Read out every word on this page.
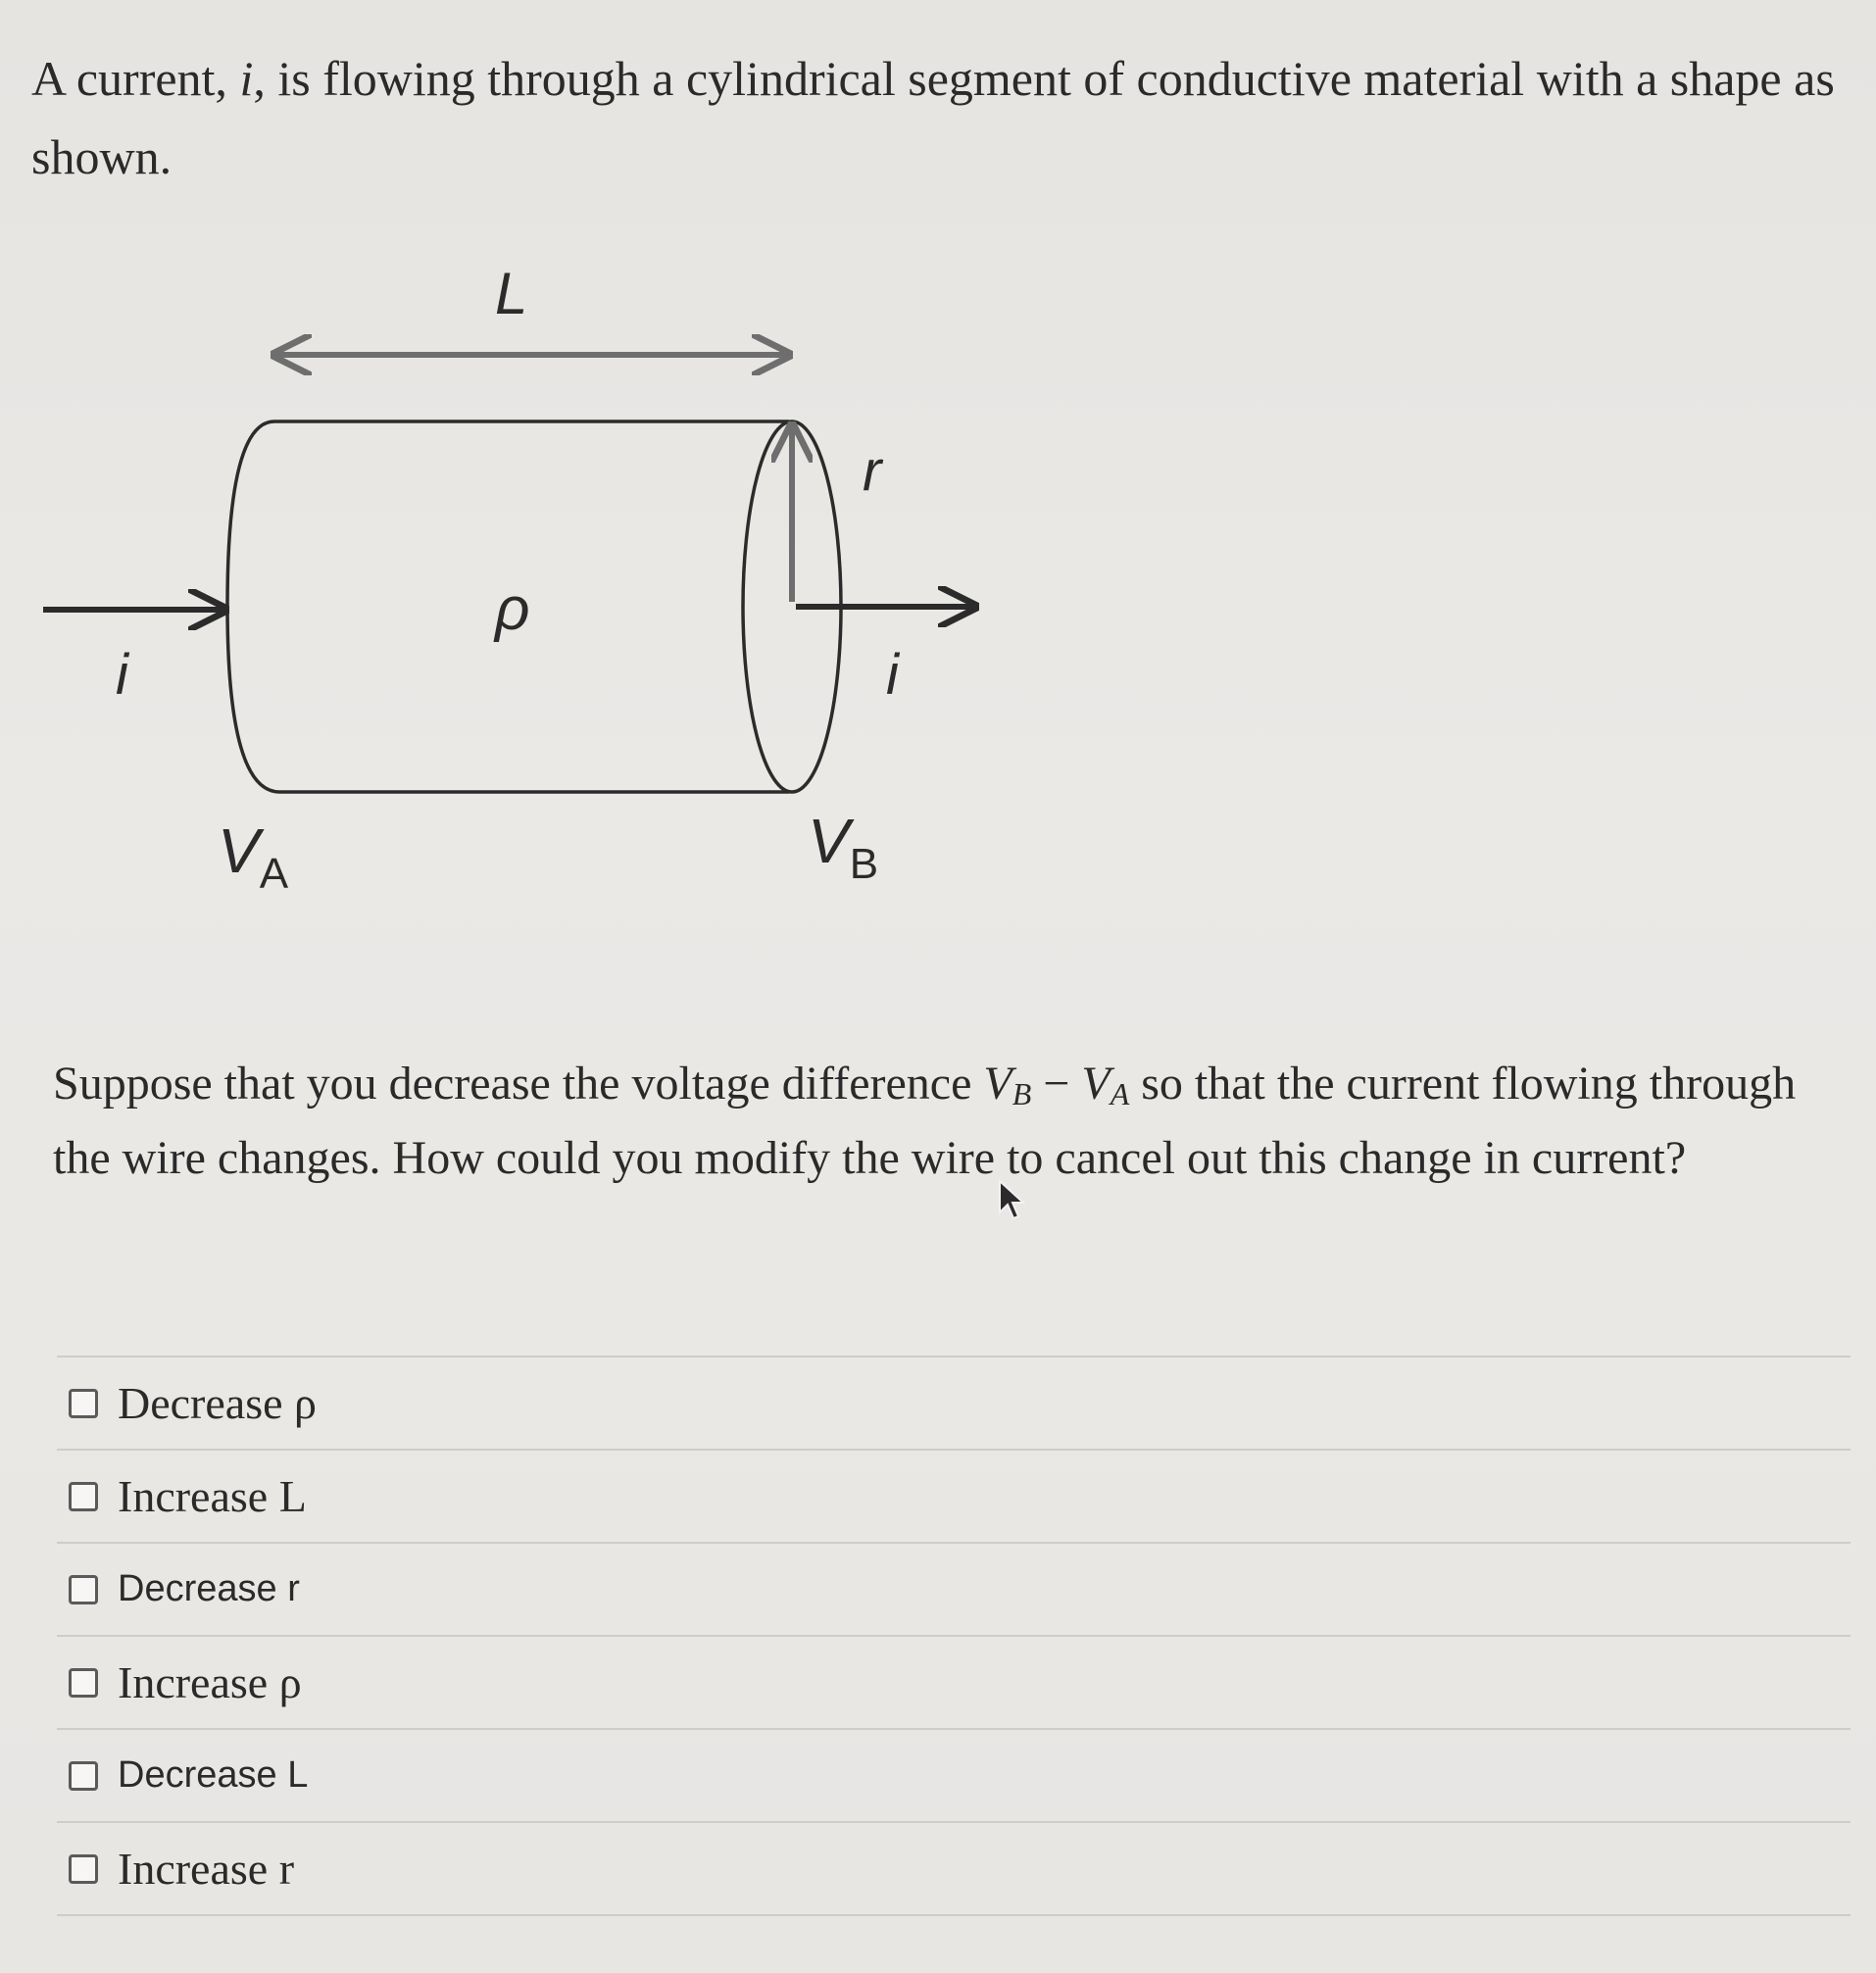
A current, i, is flowing through a cylindrical segment of conductive material with a shape as shown.

L
r
ρ
i	i
$V_A$	$V_B$

Suppose that you decrease the voltage difference $V_B - V_A$ so that the current flowing through the wire changes. How could you modify the wire to cancel out this change in current?

Decrease ρ
Increase L
Decrease r
Increase ρ
Decrease L
Increase r
